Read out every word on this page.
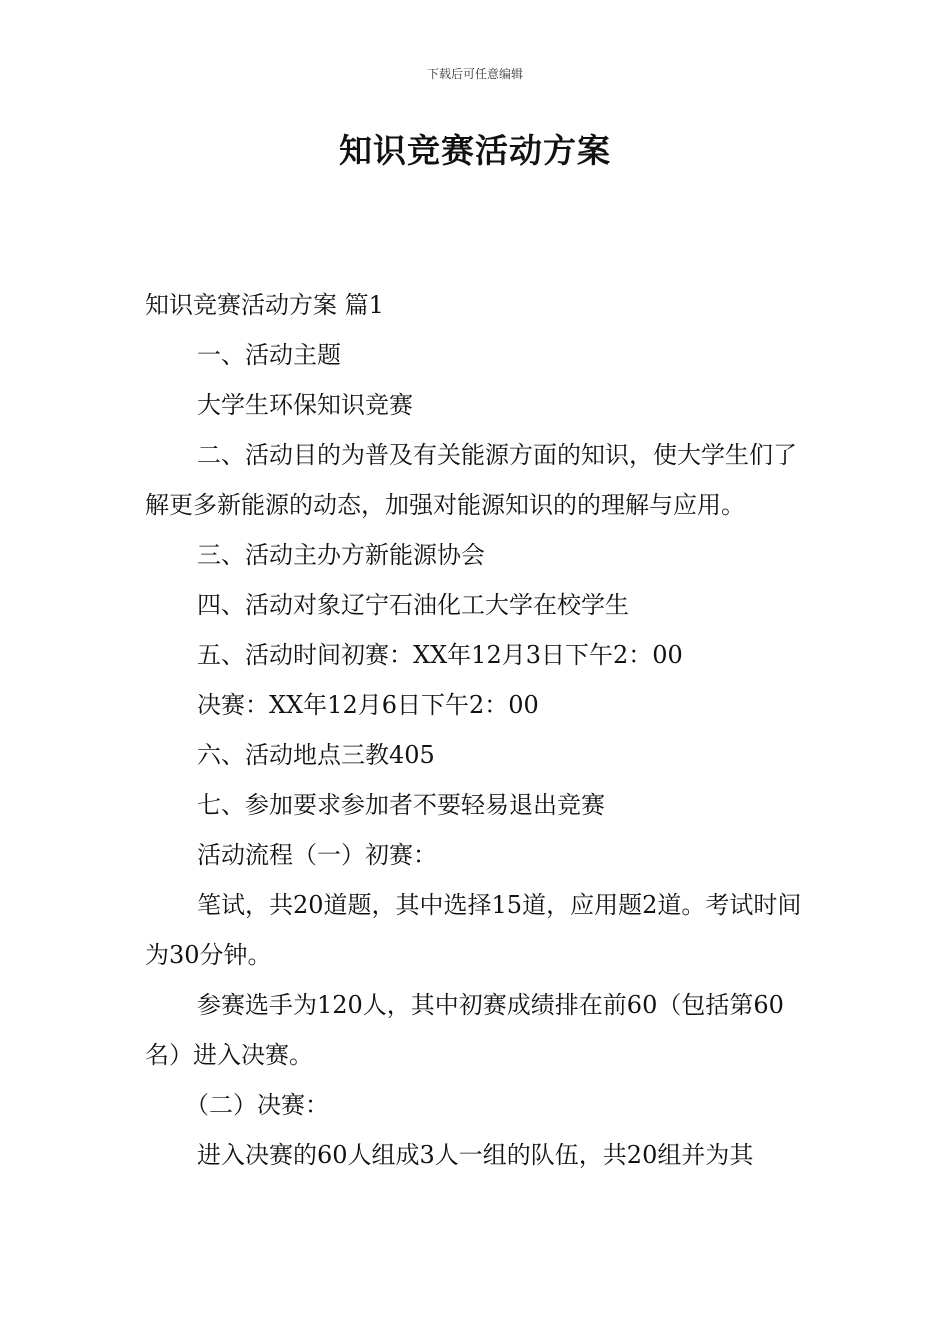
下载后可任意编辑
知识竞赛活动方案

知识竞赛活动方案 篇1

一、活动主题

大学生环保知识竞赛

二、活动目的为普及有关能源方面的知识，使大学生们了解更多新能源的动态，加强对能源知识的的理解与应用。

三、活动主办方新能源协会

四、活动对象辽宁石油化工大学在校学生

五、活动时间初赛：XX年12月3日下午2：00

决赛：XX年12月6日下午2：00

六、活动地点三教405

七、参加要求参加者不要轻易退出竞赛

活动流程（一）初赛：

笔试，共20道题，其中选择15道，应用题2道。考试时间为30分钟。

参赛选手为120人，其中初赛成绩排在前60（包括第60名）进入决赛。

（二）决赛：

进入决赛的60人组成3人一组的队伍，共20组并为其
